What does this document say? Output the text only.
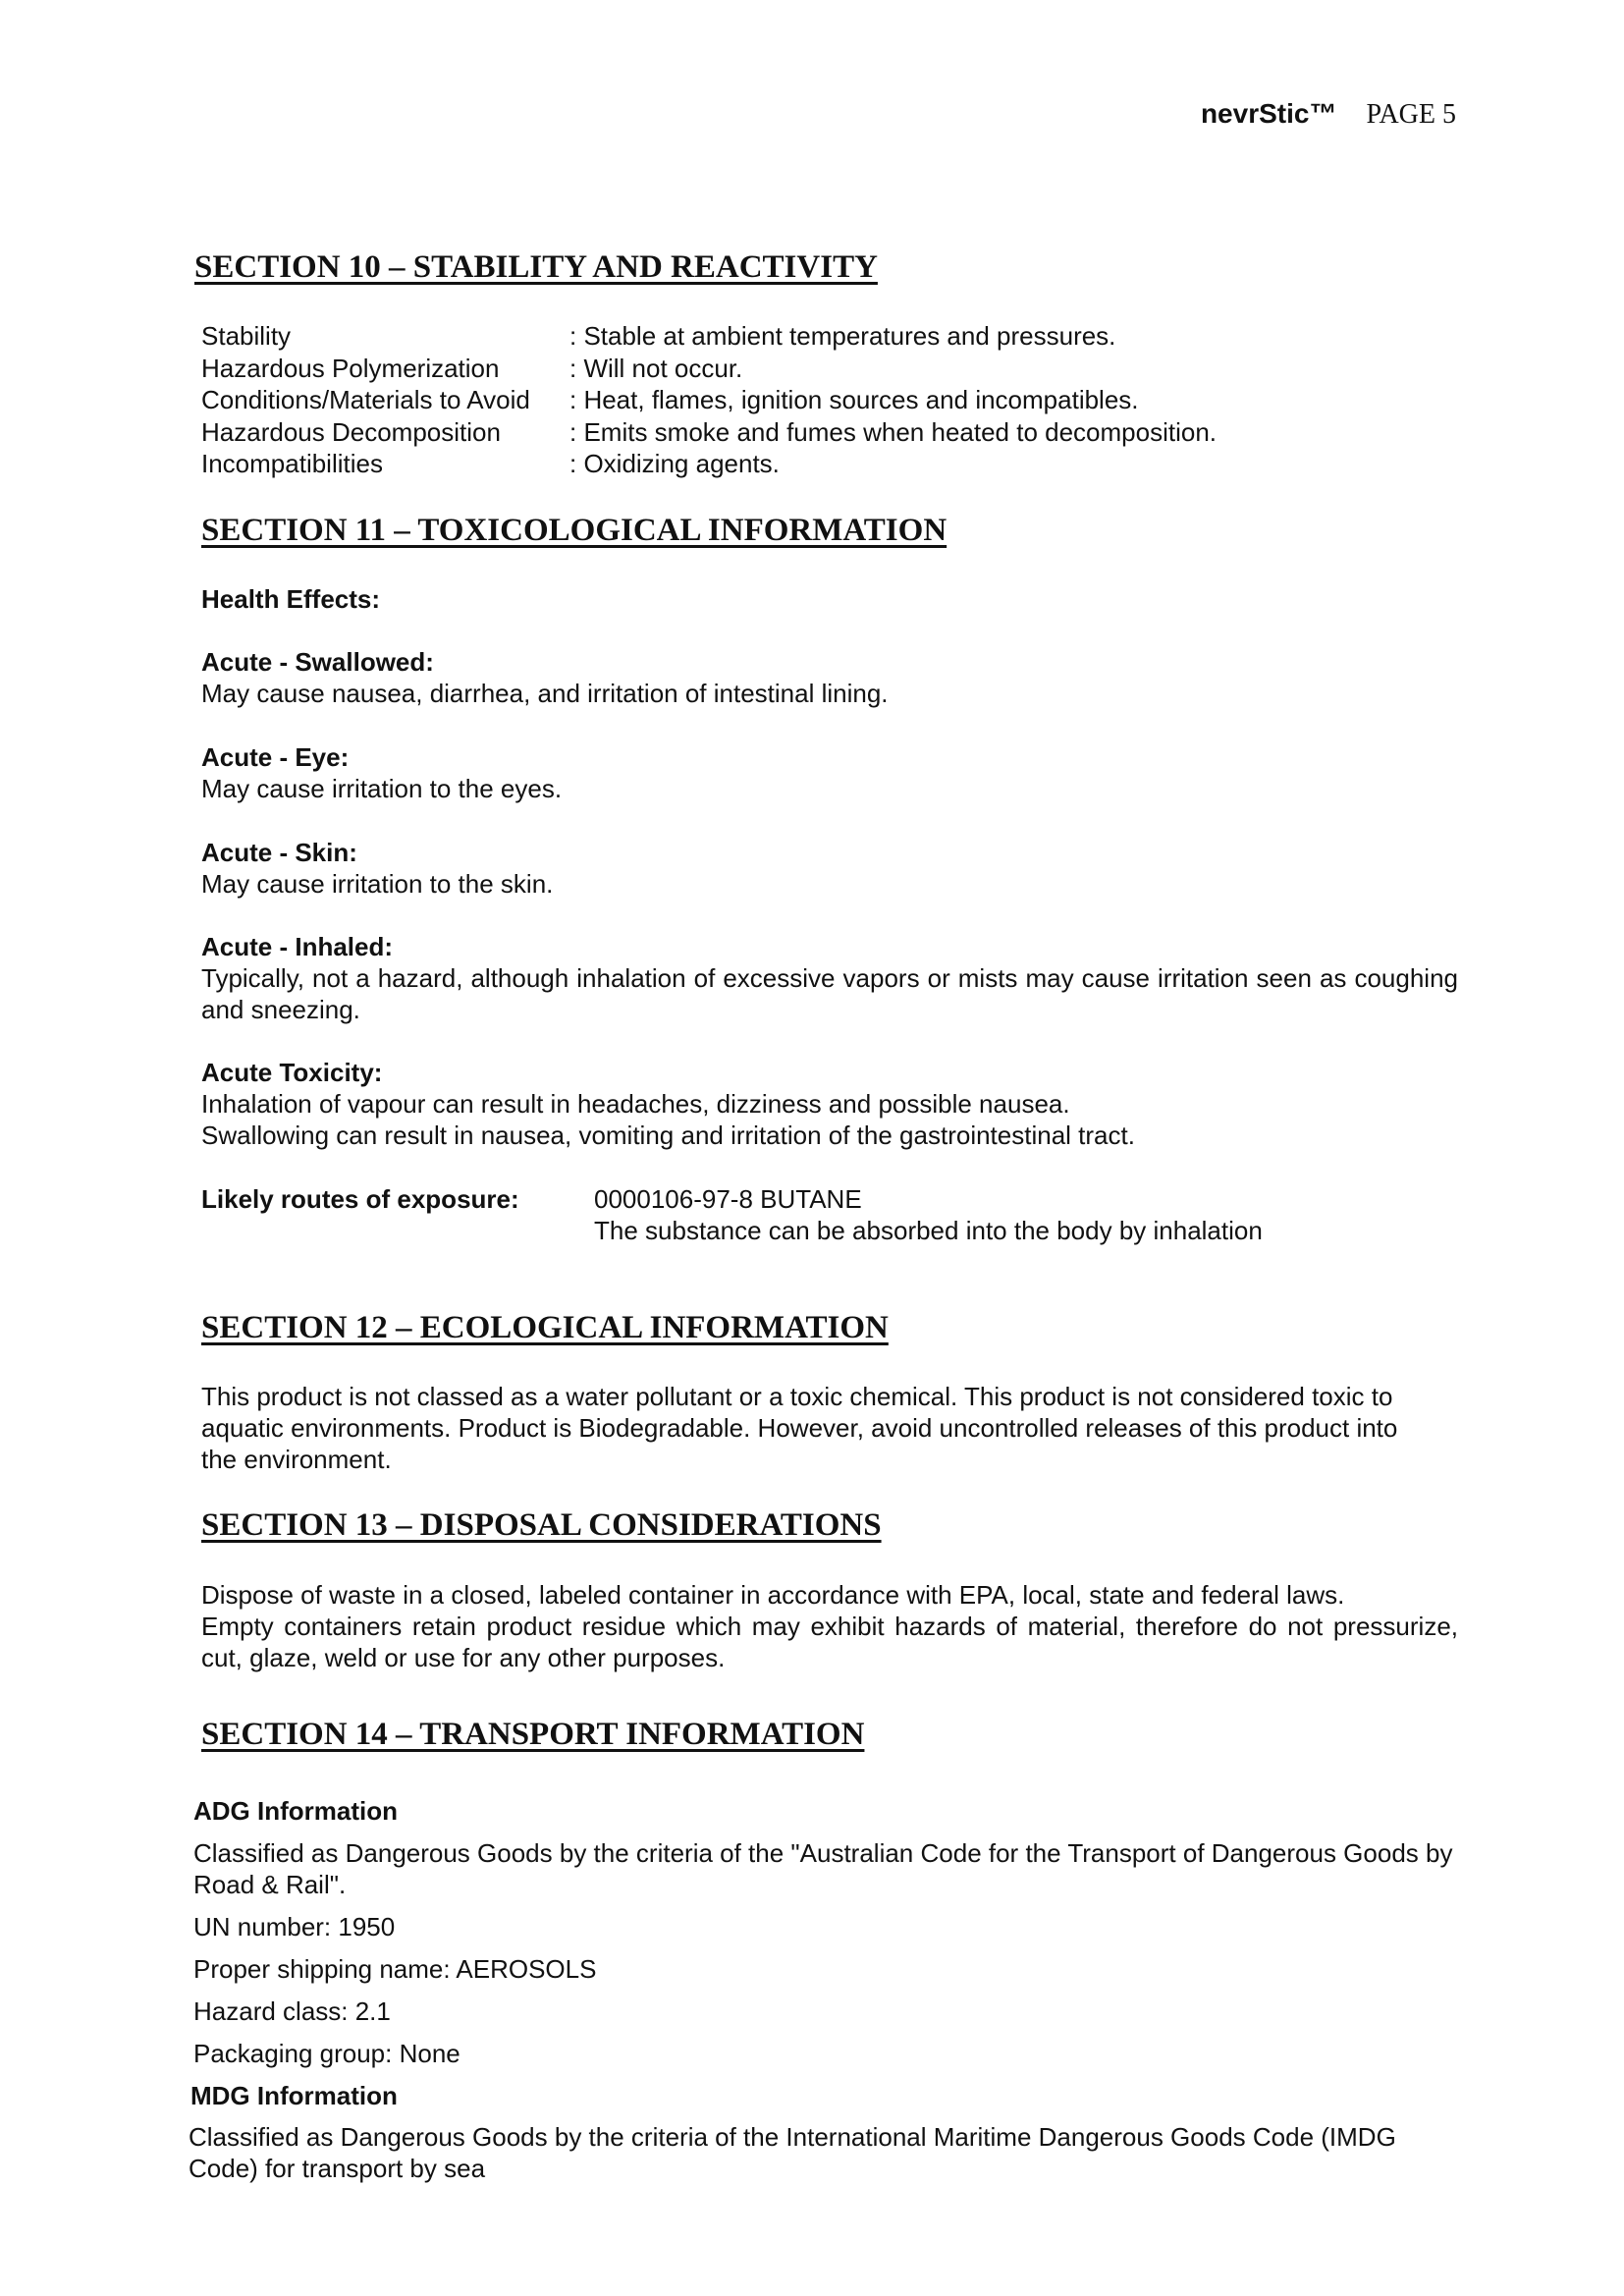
nevrStic™ PAGE 5
SECTION 10 – STABILITY AND REACTIVITY
Stability	: Stable at ambient temperatures and pressures.
Hazardous Polymerization	: Will not occur.
Conditions/Materials to Avoid	: Heat, flames, ignition sources and incompatibles.
Hazardous Decomposition	: Emits smoke and fumes when heated to decomposition.
Incompatibilities	: Oxidizing agents.
SECTION 11 – TOXICOLOGICAL INFORMATION
Health Effects:
Acute - Swallowed:
May cause nausea, diarrhea, and irritation of intestinal lining.
Acute - Eye:
May cause irritation to the eyes.
Acute - Skin:
May cause irritation to the skin.
Acute - Inhaled:
Typically, not a hazard, although inhalation of excessive vapors or mists may cause irritation seen as coughing and sneezing.
Acute Toxicity:
Inhalation of vapour can result in headaches, dizziness and possible nausea.
Swallowing can result in nausea, vomiting and irritation of the gastrointestinal tract.
Likely routes of exposure:	0000106-97-8 BUTANE
The substance can be absorbed into the body by inhalation
SECTION 12 – ECOLOGICAL INFORMATION
This product is not classed as a water pollutant or a toxic chemical. This product is not considered toxic to aquatic environments. Product is Biodegradable. However, avoid uncontrolled releases of this product into the environment.
SECTION 13 – DISPOSAL CONSIDERATIONS
Dispose of waste in a closed, labeled container in accordance with EPA, local, state and federal laws.
Empty containers retain product residue which may exhibit hazards of material, therefore do not pressurize, cut, glaze, weld or use for any other purposes.
SECTION 14 – TRANSPORT INFORMATION
ADG Information
Classified as Dangerous Goods by the criteria of the "Australian Code for the Transport of Dangerous Goods by Road & Rail".
UN number: 1950
Proper shipping name: AEROSOLS
Hazard class: 2.1
Packaging group: None
MDG Information
Classified as Dangerous Goods by the criteria of the International Maritime Dangerous Goods Code (IMDG Code) for transport by sea
